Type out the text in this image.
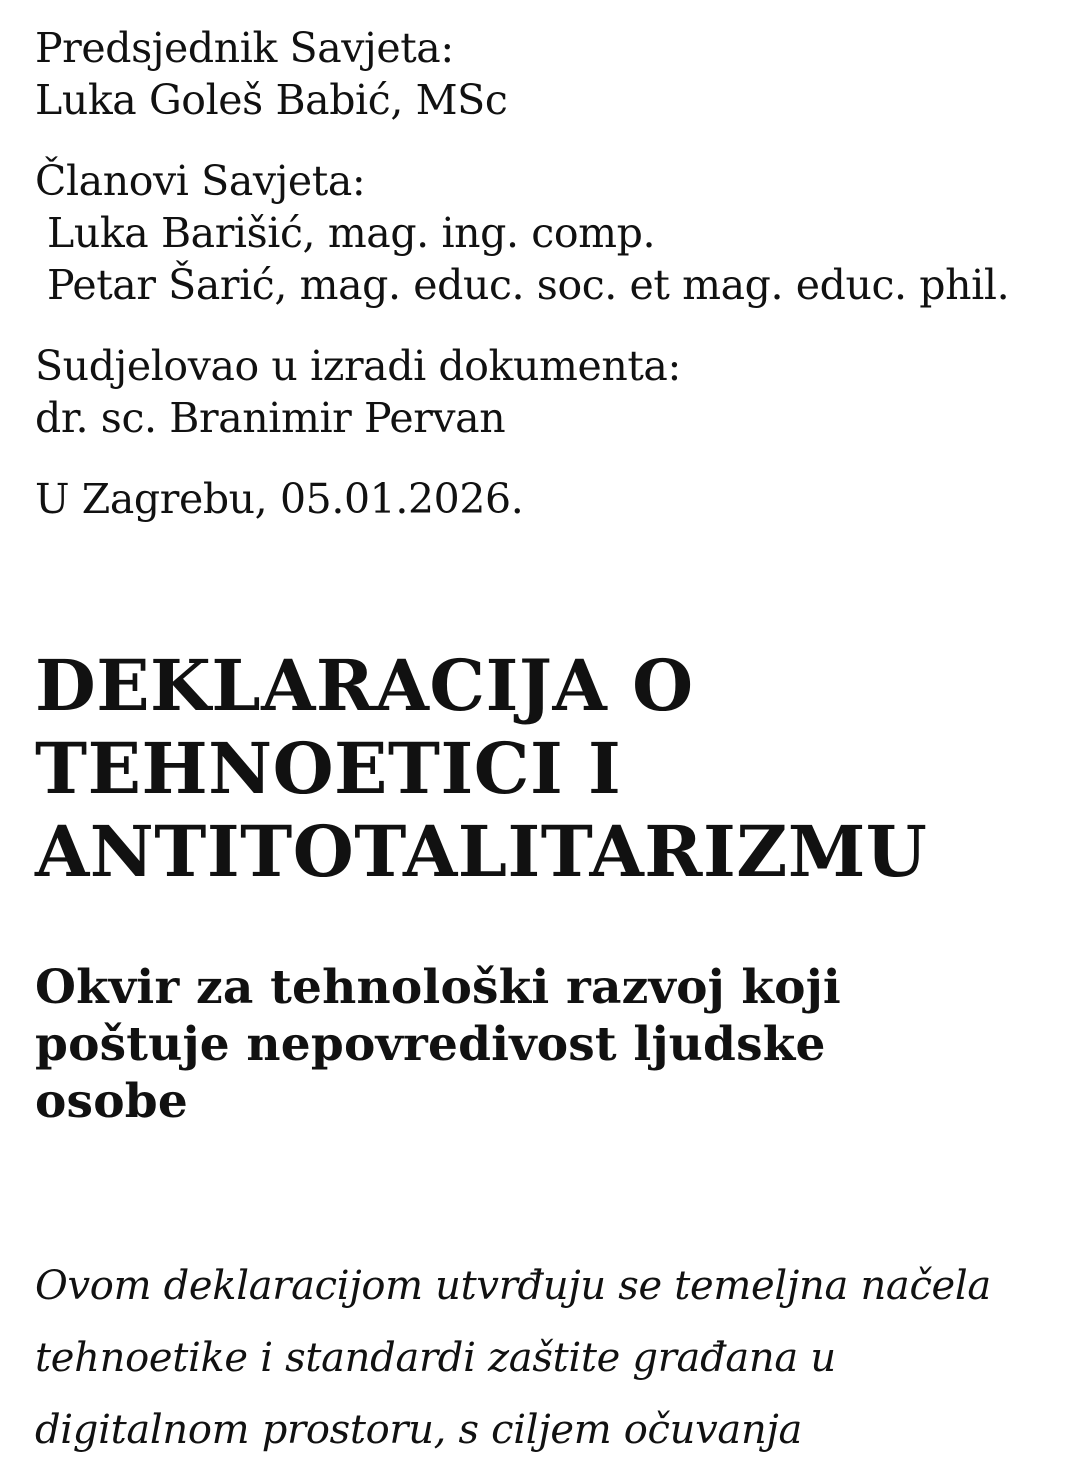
Predsjednik Savjeta:
Luka Goleš Babić, MSc

Članovi Savjeta:
Luka Barišić, mag. ing. comp.
Petar Šarić, mag. educ. soc. et mag. educ. phil.

Sudjelovao u izradi dokumenta:
dr. sc. Branimir Pervan

U Zagrebu, 05.01.2026.

DEKLARACIJA O
TEHNOETICI I
ANTITOTALITARIZMU
Okvir za tehnološki razvoj koji
poštuje nepovredivost ljudske
osobe

Ovom deklaracijom utvrđuju se temeljna načela
tehnoetike i standardi zaštite građana u
digitalnom prostoru, s ciljem očuvanja
